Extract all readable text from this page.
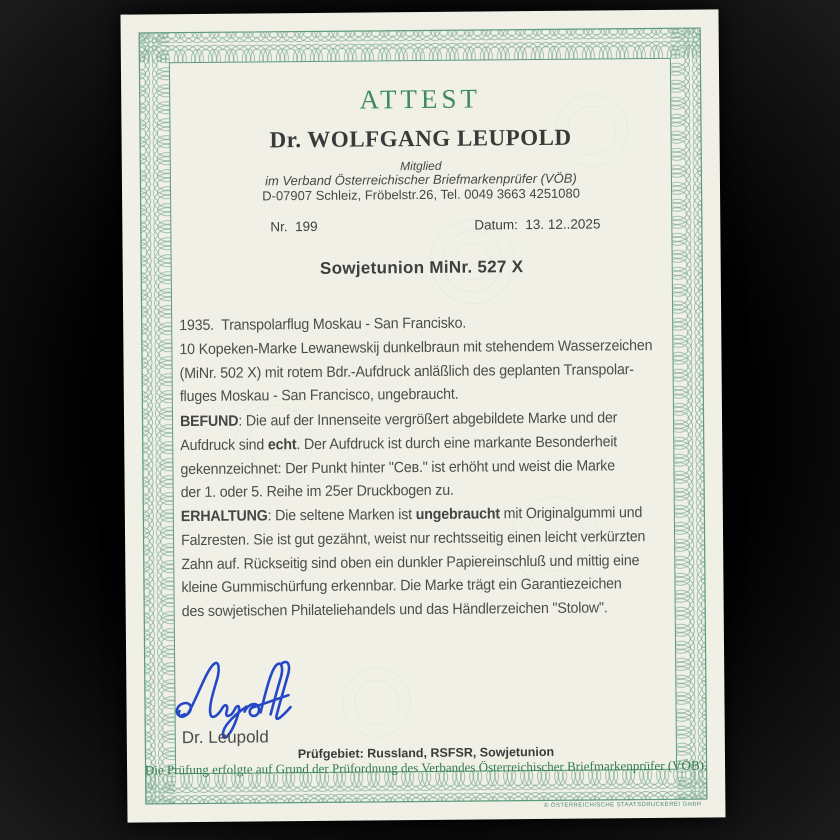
ATTEST
Dr. WOLFGANG LEUPOLD
Mitglied
im Verband Österreichischer Briefmarkenprüfer (VÖB)
D-07907 Schleiz, Fröbelstr.26, Tel. 0049 3663 4251080
Nr.  199	Datum:  13. 12..2025
Sowjetunion MiNr. 527 X

1935.  Transpolarflug Moskau - San Francisko.
10 Kopeken-Marke Lewanewskij dunkelbraun mit stehendem Wasserzeichen
(MiNr. 502 X) mit rotem Bdr.-Aufdruck anläßlich des geplanten Transpolar-
fluges Moskau - San Francisco, ungebraucht.

BEFUND: Die auf der Innenseite vergrößert abgebildete Marke und der
Aufdruck sind echt. Der Aufdruck ist durch eine markante Besonderheit
gekennzeichnet: Der Punkt hinter "Сев." ist erhöht und weist die Marke
der 1. oder 5. Reihe im 25er Druckbogen zu.

ERHALTUNG: Die seltene Marken ist ungebraucht mit Originalgummi und
Falzresten. Sie ist gut gezähnt, weist nur rechtsseitig einen leicht verkürzten
Zahn auf. Rückseitig sind oben ein dunkler Papiereinschluß und mittig eine
kleine Gummischürfung erkennbar. Die Marke trägt ein Garantiezeichen
des sowjetischen Philateliehandels und das Händlerzeichen "Stolow".

Dr. Leupold
Prüfgebiet: Russland, RSFSR, Sowjetunion
Die Prüfung erfolgte auf Grund der Prüfordnung des Verbandes Österreichischer Briefmarkenprüfer (VÖB).
© ÖSTERREICHISCHE STAATSDRUCKEREI GmbH
